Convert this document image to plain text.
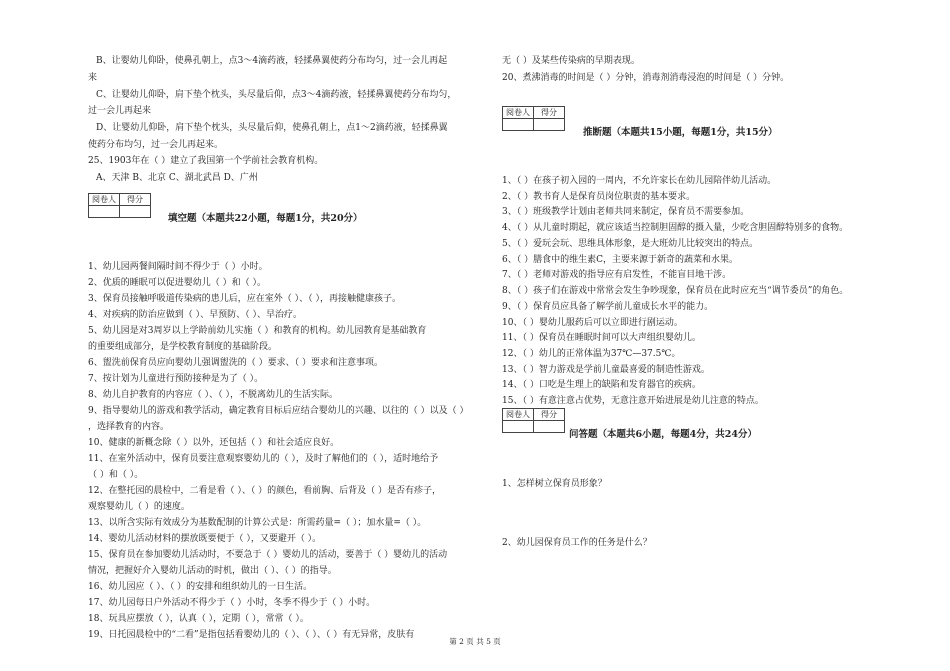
B、让婴幼儿仰卧，使鼻孔朝上，点3～4滴药液，轻揉鼻翼使药分布均匀，过一会儿再起
来
C、让婴幼儿仰卧，肩下垫个枕头，头尽量后仰，点3～4滴药液，轻揉鼻翼使药分布均匀，
过一会儿再起来
D、让婴幼儿仰卧，肩下垫个枕头，头尽量后仰，使鼻孔朝上，点1～2滴药液，轻揉鼻翼
使药分布均匀，过一会儿再起来。
25、1903年在（ ）建立了我国第一个学前社会教育机构。
A、天津 B、北京 C、湖北武昌 D、广州
阅卷人	得分

填空题（本题共22小题，每题1分，共20分）
1、幼儿园两餐间隔时间不得少于（ ）小时。
2、优质的睡眠可以促进婴幼儿（ ）和（ ）。
3、保育员接触呼吸道传染病的患儿后，应在室外（ ）、（ ），再接触健康孩子。
4、对疾病的防治应做到（ ）、早预防、（ ）、早治疗。
5、幼儿园是对3周岁以上学龄前幼儿实施（ ）和教育的机构。幼儿园教育是基础教育
的重要组成部分，是学校教育制度的基础阶段。
6、盥洗前保育员应向婴幼儿强调盥洗的（ ）要求、（ ）要求和注意事项。
7、按计划为儿童进行预防接种是为了（ ）。
8、幼儿自护教育的内容应（ ）、（ ），不脱离幼儿的生活实际。
9、指导婴幼儿的游戏和教学活动，确定教育目标后应结合婴幼儿的兴趣、以往的（ ）以及（ ）
，选择教育的内容。
10、健康的新概念除（ ）以外，还包括（ ）和社会适应良好。
11、在室外活动中，保育员要注意观察婴幼儿的（ ），及时了解他们的（ ），适时地给予
（ ）和（ ）。
12、在整托园的晨检中，二看是看（ ）、（ ）的颜色，看前胸、后背及（ ）是否有疹子，
观察婴幼儿（ ）的速度。
13、以所含实际有效成分为基数配制的计算公式是：所需药量=（ ）；加水量=（ ）。
14、婴幼儿活动材料的摆放既要便于（ ），又要避开（ ）。
15、保育员在参加婴幼儿活动时，不要急于（ ）婴幼儿的活动，要善于（ ）婴幼儿的活动
情况，把握好介入婴幼儿活动的时机，做出（ ）、（ ）的指导。
16、幼儿园应（ ）、（ ）的安排和组织幼儿的一日生活。
17、幼儿园每日户外活动不得少于（ ）小时，冬季不得少于（ ）小时。
18、玩具应摆放（ ），认真（ ），定期（ ），常常（ ）。
19、日托园晨检中的“二看”是指包括看婴幼儿的（ ）、（ ）、（ ）有无异常，皮肤有
无（ ）及某些传染病的早期表现。
20、煮沸消毒的时间是（ ）分钟，消毒剂消毒浸泡的时间是（ ）分钟。
阅卷人	得分

推断题（本题共15小题，每题1分，共15分）
1、（ ）在孩子初入园的一周内，不允许家长在幼儿园陪伴幼儿活动。
2、（ ）教书育人是保育员岗位职责的基本要求。
3、（ ）班级教学计划由老师共同来制定，保育员不需要参加。
4、（ ）从儿童时期起，就应该适当控制胆固醇的摄入量，少吃含胆固醇特别多的食物。
5、（ ）爱玩会玩、思维具体形象，是大班幼儿比较突出的特点。
6、（ ）膳食中的维生素C，主要来源于新奇的蔬菜和水果。
7、（ ）老师对游戏的指导应有启发性，不能盲目地干涉。
8、（ ）孩子们在游戏中常常会发生争吵现象，保育员在此时应充当“调节委员”的角色。
9、（ ）保育员应具备了解学前儿童成长水平的能力。
10、（ ）婴幼儿服药后可以立即进行剧运动。
11、（ ）保育员在睡眠时间可以大声组织婴幼儿。
12、（ ）幼儿的正常体温为37℃—37.5℃。
13、（ ）智力游戏是学前儿童最喜爱的制造性游戏。
14、（ ）口吃是生理上的缺陷和发育器官的疾病。
15、（ ）有意注意占优势，无意注意开始进展是幼儿注意的特点。
阅卷人	得分

问答题（本题共6小题，每题4分，共24分）
1、怎样树立保育员形象？
2、幼儿园保育员工作的任务是什么？
第 2 页 共 5 页
